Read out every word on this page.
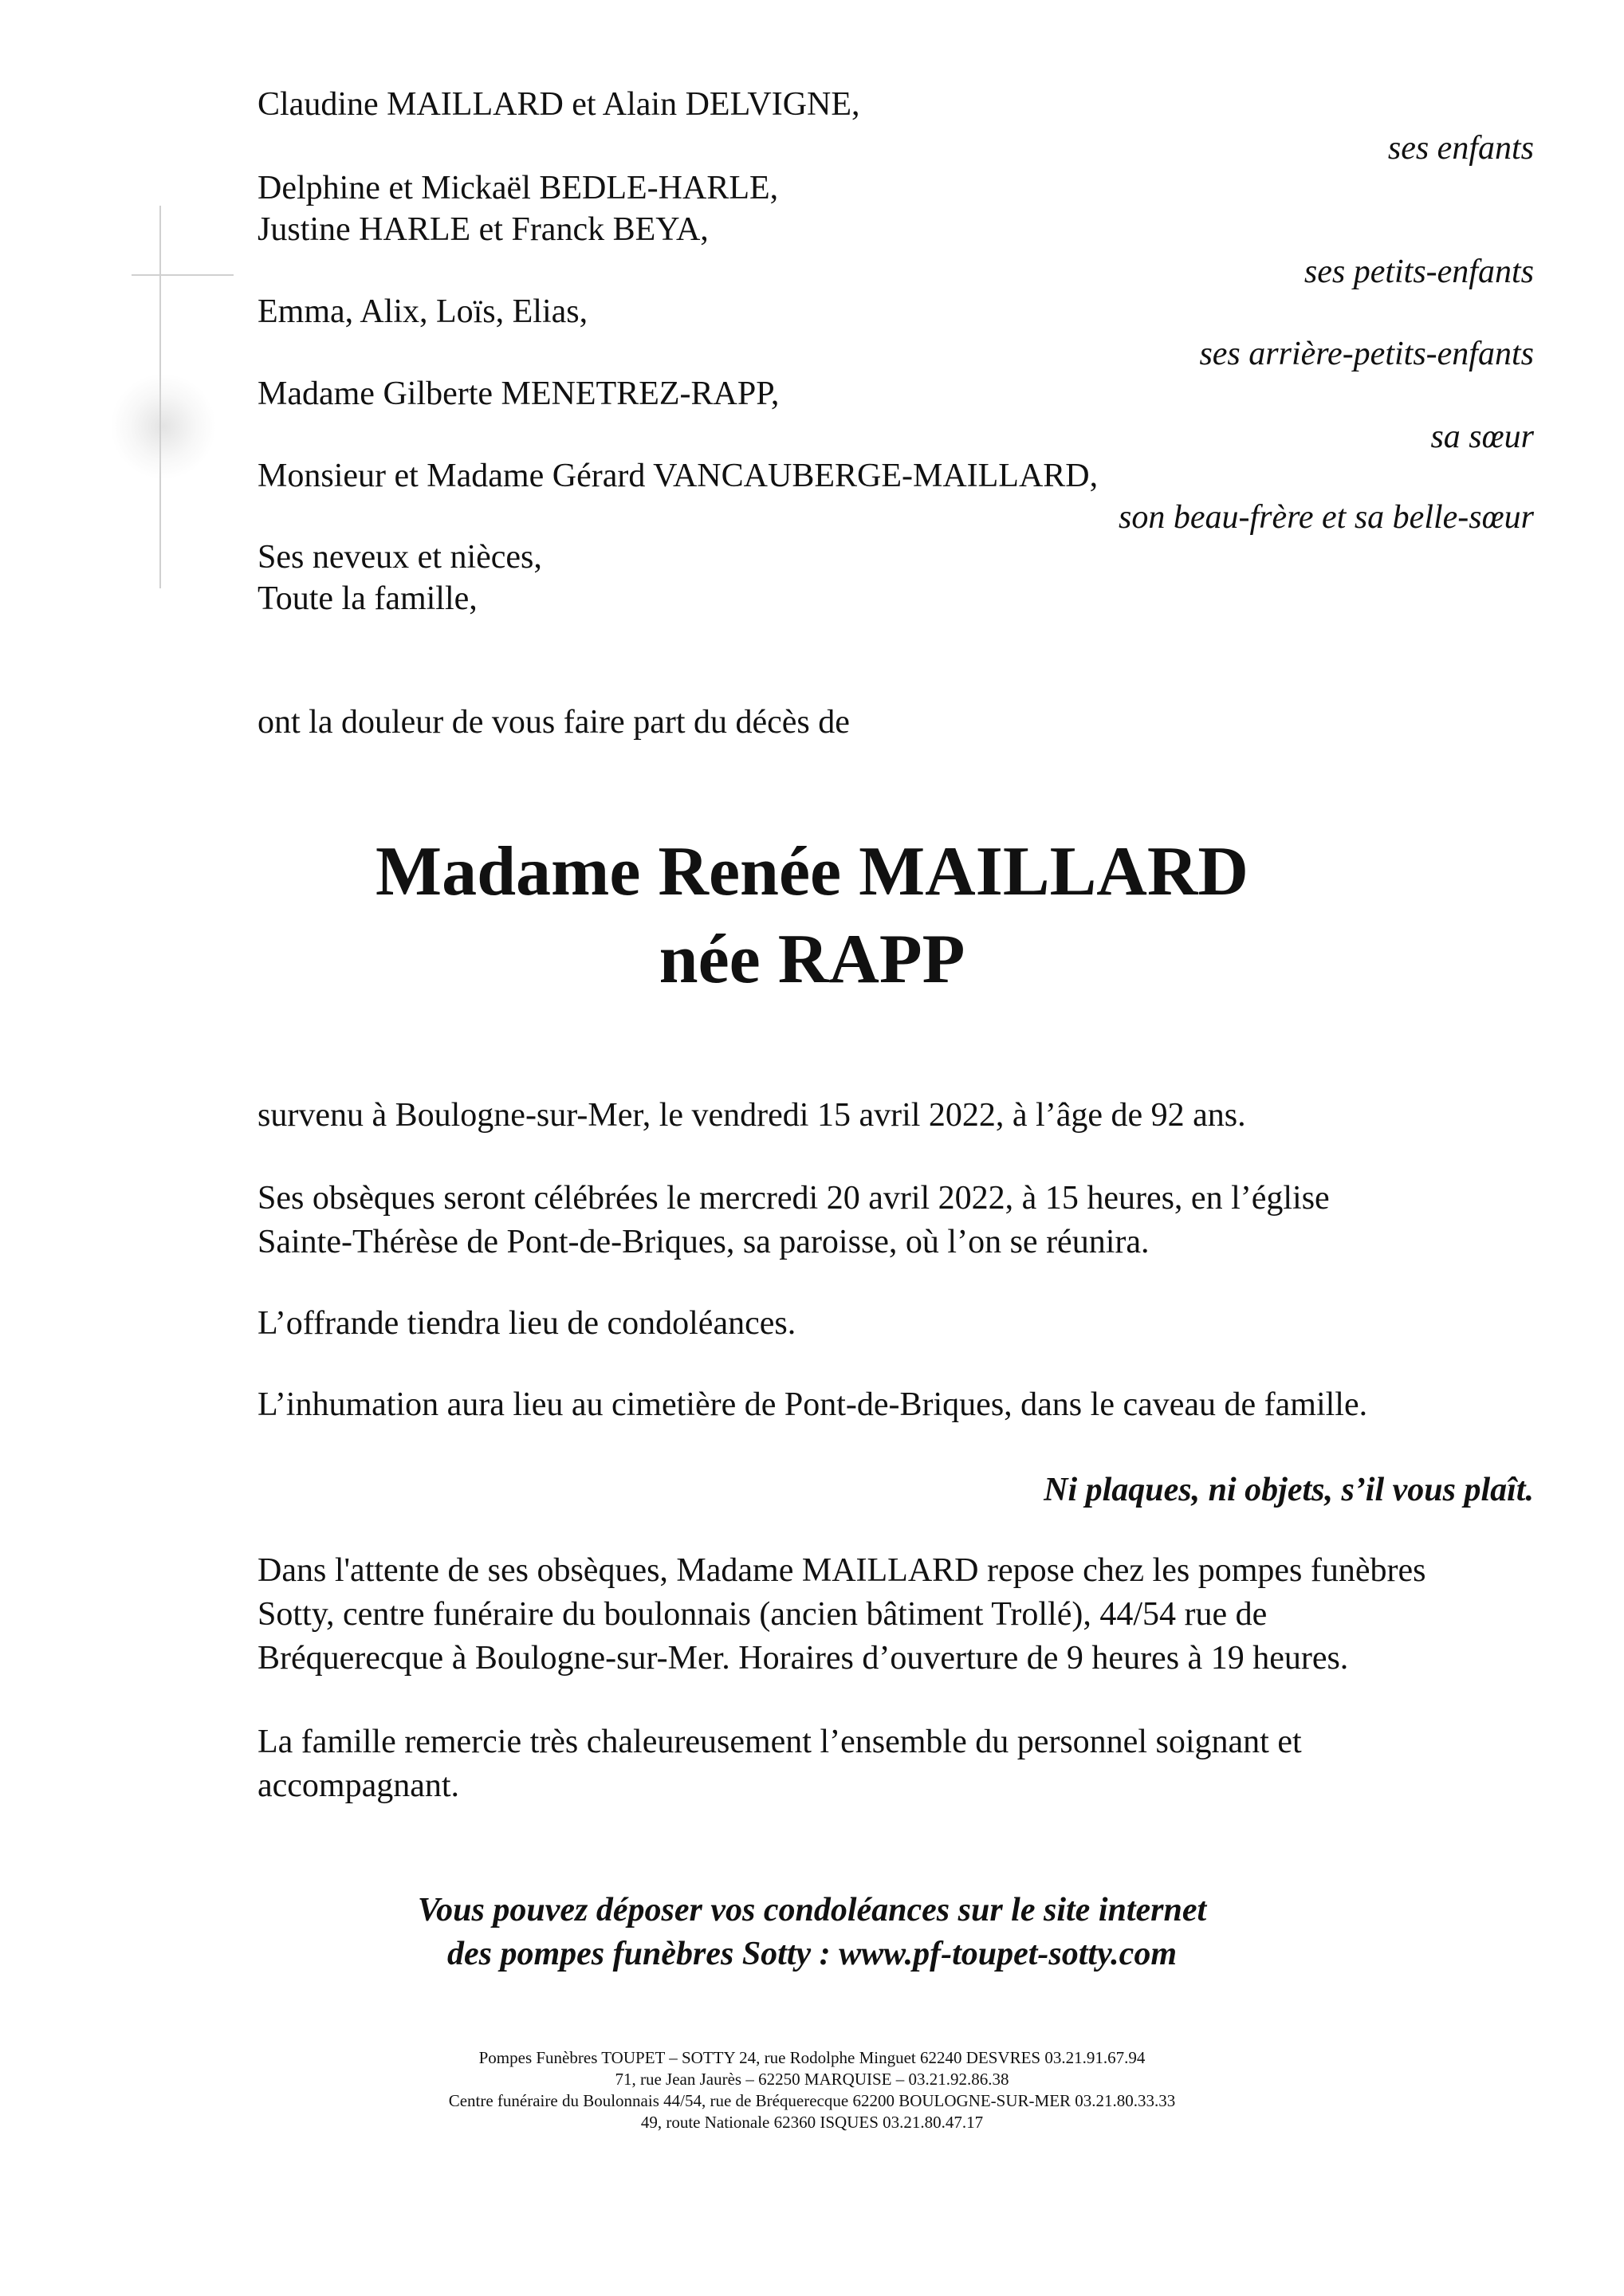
Claudine MAILLARD et Alain DELVIGNE,
ses enfants
Delphine et Mickaël BEDLE-HARLE,
Justine HARLE et Franck BEYA,
ses petits-enfants
Emma, Alix, Loïs, Elias,
ses arrière-petits-enfants
Madame Gilberte MENETREZ-RAPP,
sa sœur
Monsieur et Madame Gérard VANCAUBERGE-MAILLARD,
son beau-frère et sa belle-sœur
Ses neveux et nièces,
Toute la famille,
ont la douleur de vous faire part du décès de
Madame Renée MAILLARD
née RAPP
survenu à Boulogne-sur-Mer, le vendredi 15 avril 2022, à l’âge de 92 ans.
Ses obsèques seront célébrées le mercredi 20 avril 2022, à 15 heures, en l’église
Sainte-Thérèse de Pont-de-Briques, sa paroisse, où l’on se réunira.
L’offrande tiendra lieu de condoléances.
L’inhumation aura lieu au cimetière de Pont-de-Briques, dans le caveau de famille.
Ni plaques, ni objets, s’il vous plaît.
Dans l'attente de ses obsèques, Madame MAILLARD repose chez les pompes funèbres
Sotty, centre funéraire du boulonnais (ancien bâtiment Trollé), 44/54 rue de
Bréquerecque à Boulogne-sur-Mer. Horaires d’ouverture de 9 heures à 19 heures.
La famille remercie très chaleureusement l’ensemble du personnel soignant et
accompagnant.
Vous pouvez déposer vos condoléances sur le site internet
des pompes funèbres Sotty : www.pf-toupet-sotty.com
Pompes Funèbres TOUPET – SOTTY 24, rue Rodolphe Minguet 62240 DESVRES 03.21.91.67.94
71, rue Jean Jaurès – 62250 MARQUISE – 03.21.92.86.38
Centre funéraire du Boulonnais 44/54, rue de Bréquerecque 62200 BOULOGNE-SUR-MER 03.21.80.33.33
49, route Nationale 62360 ISQUES 03.21.80.47.17
